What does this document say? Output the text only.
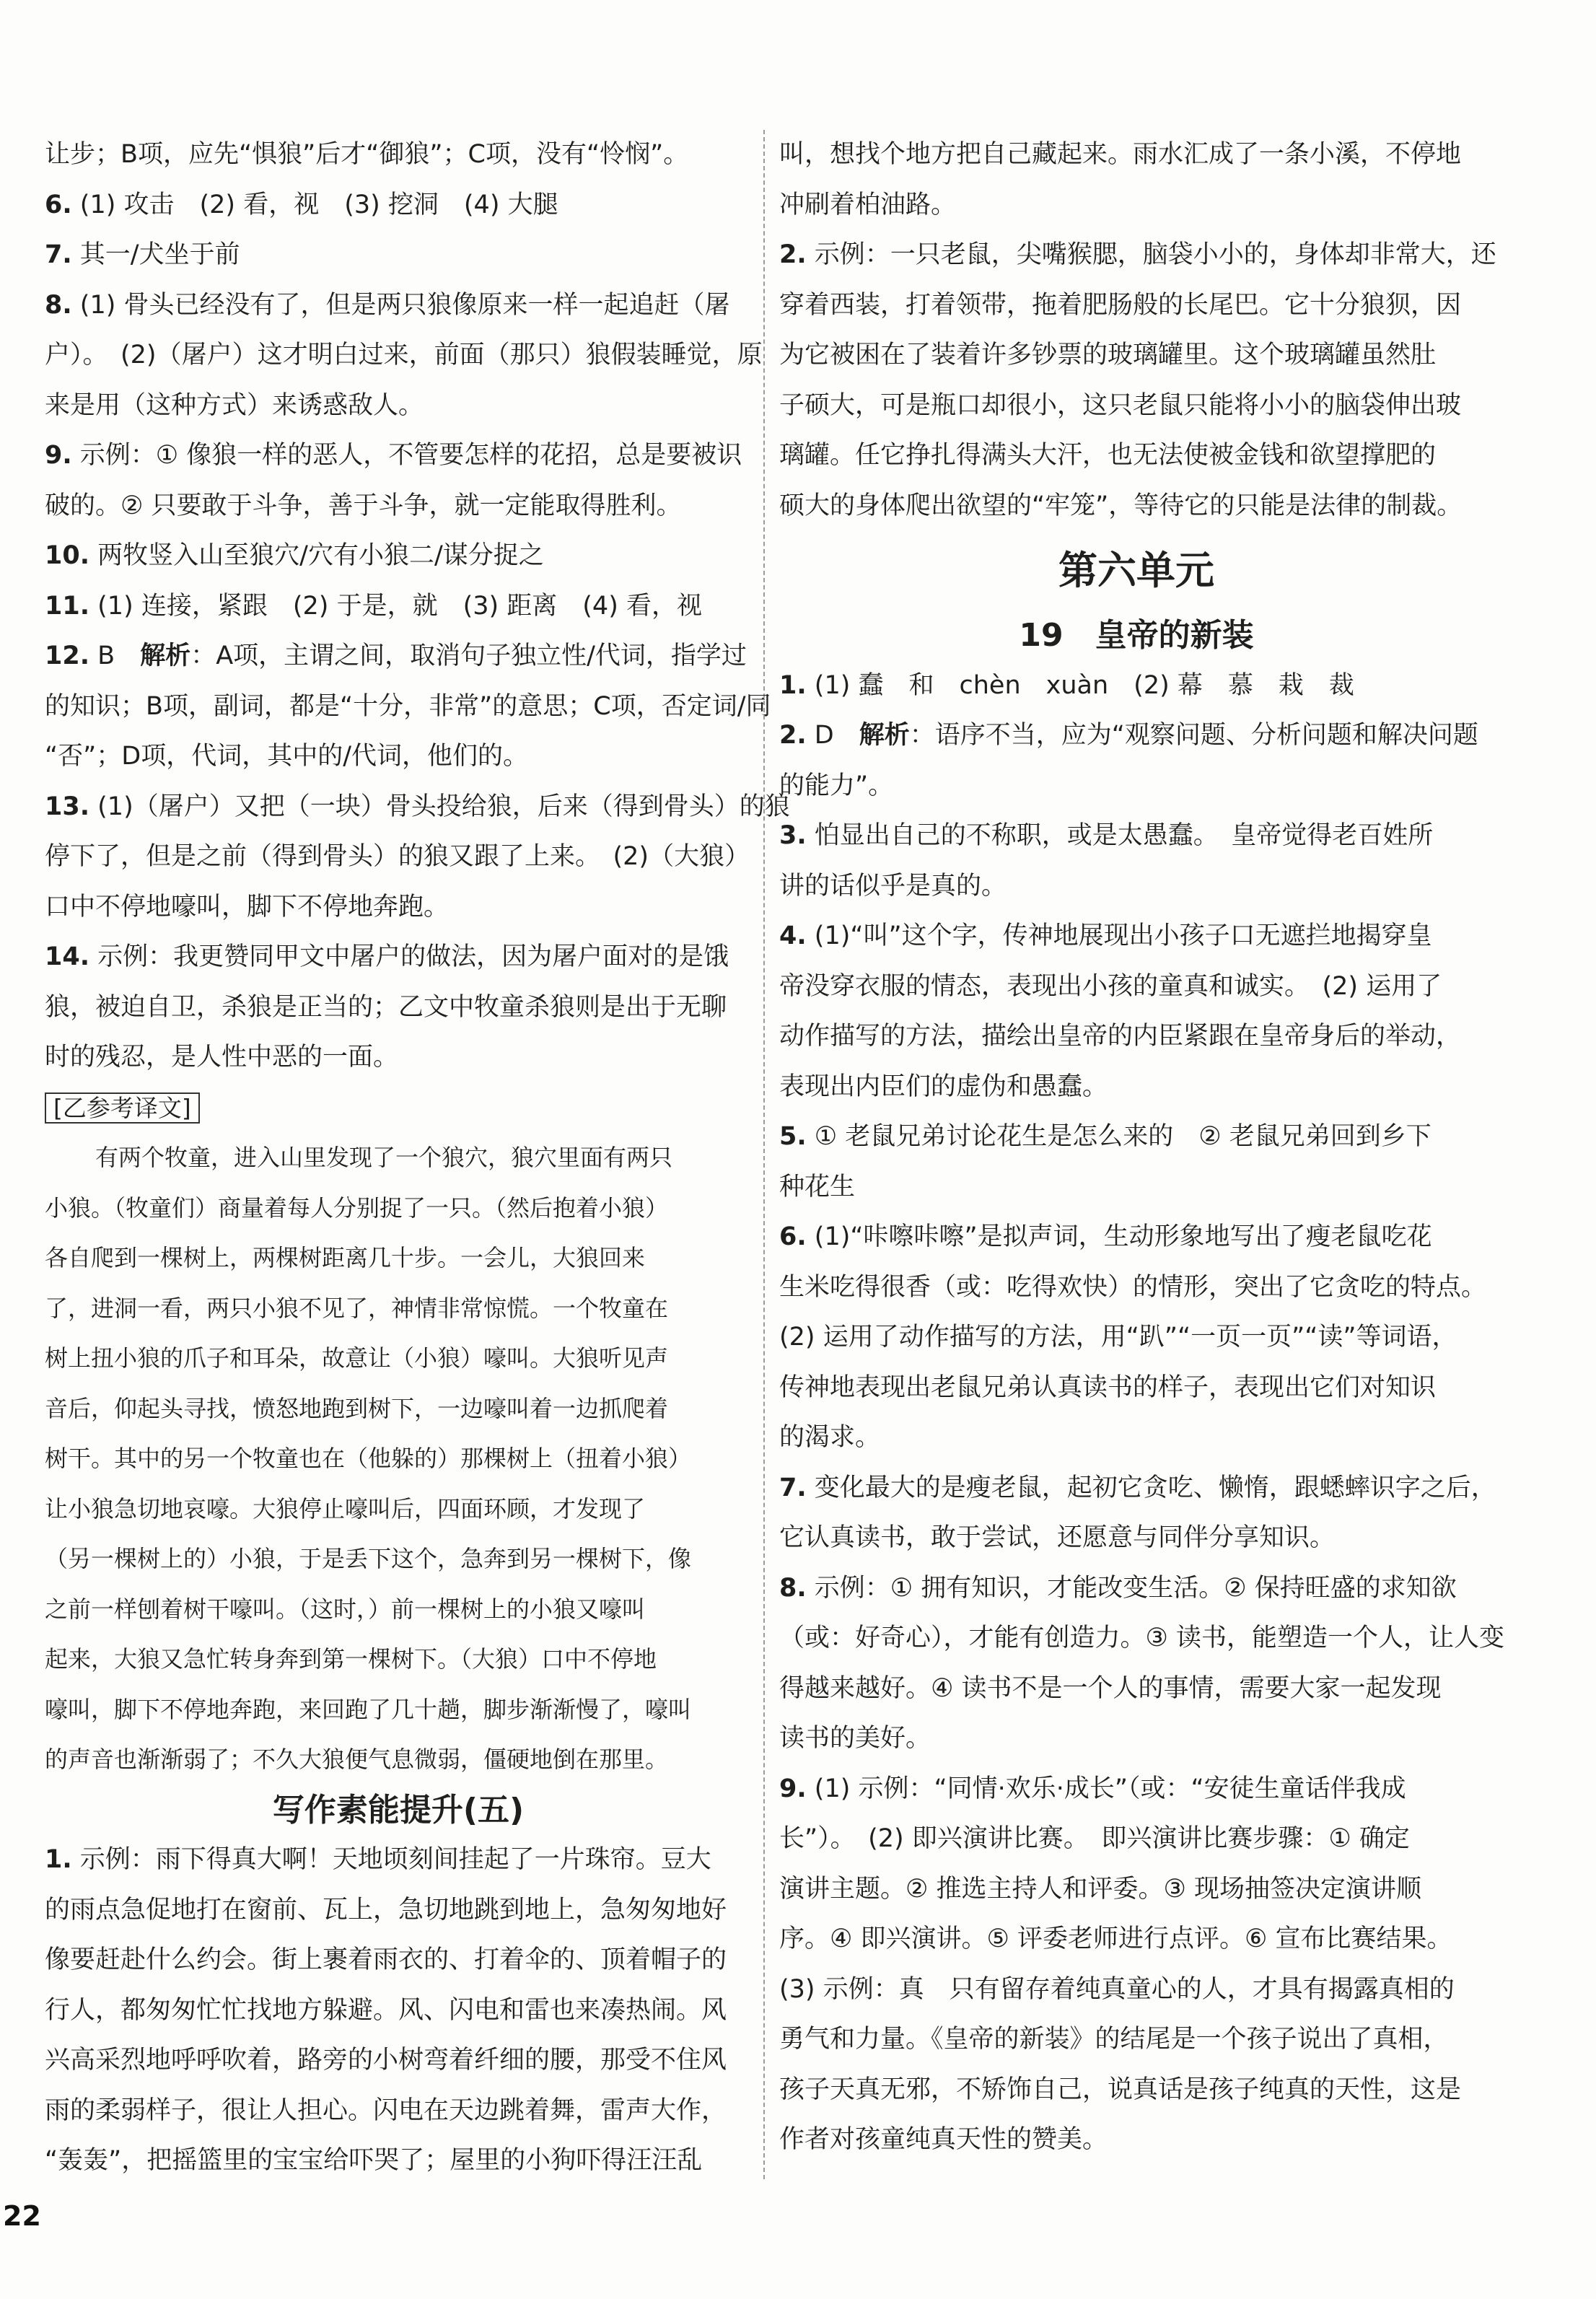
让步；B项，应先“惧狼”后才“御狼”；C项，没有“怜悯”。

6. (1) 攻击　(2) 看，视　(3) 挖洞　(4) 大腿

7. 其一/犬坐于前

8. (1) 骨头已经没有了，但是两只狼像原来一样一起追赶（屠

户）。　(2)（屠户）这才明白过来，前面（那只）狼假装睡觉，原

来是用（这种方式）来诱惑敌人。

9. 示例：① 像狼一样的恶人，不管要怎样的花招，总是要被识

破的。② 只要敢于斗争，善于斗争，就一定能取得胜利。

10. 两牧竖入山至狼穴/穴有小狼二/谋分捉之

11. (1) 连接，紧跟　(2) 于是，就　(3) 距离　(4) 看，视

12. B　解析：A项，主谓之间，取消句子独立性/代词，指学过

的知识；B项，副词，都是“十分，非常”的意思；C项，否定词/同

“否”；D项，代词，其中的/代词，他们的。

13. (1)（屠户）又把（一块）骨头投给狼，后来（得到骨头）的狼

停下了，但是之前（得到骨头）的狼又跟了上来。　(2)（大狼）

口中不停地嚎叫，脚下不停地奔跑。

14. 示例：我更赞同甲文中屠户的做法，因为屠户面对的是饿

狼，被迫自卫，杀狼是正当的；乙文中牧童杀狼则是出于无聊

时的残忍，是人性中恶的一面。

[乙参考译文]

有两个牧童，进入山里发现了一个狼穴，狼穴里面有两只

小狼。（牧童们）商量着每人分别捉了一只。（然后抱着小狼）

各自爬到一棵树上，两棵树距离几十步。一会儿，大狼回来

了，进洞一看，两只小狼不见了，神情非常惊慌。一个牧童在

树上扭小狼的爪子和耳朵，故意让（小狼）嚎叫。大狼听见声

音后，仰起头寻找，愤怒地跑到树下，一边嚎叫着一边抓爬着

树干。其中的另一个牧童也在（他躲的）那棵树上（扭着小狼）

让小狼急切地哀嚎。大狼停止嚎叫后，四面环顾，才发现了

（另一棵树上的）小狼，于是丢下这个，急奔到另一棵树下，像

之前一样刨着树干嚎叫。（这时，）前一棵树上的小狼又嚎叫

起来，大狼又急忙转身奔到第一棵树下。（大狼）口中不停地

嚎叫，脚下不停地奔跑，来回跑了几十趟，脚步渐渐慢了，嚎叫

的声音也渐渐弱了；不久大狼便气息微弱，僵硬地倒在那里。

写作素能提升(五)

1. 示例：雨下得真大啊！天地顷刻间挂起了一片珠帘。豆大

的雨点急促地打在窗前、瓦上，急切地跳到地上，急匆匆地好

像要赶赴什么约会。街上裹着雨衣的、打着伞的、顶着帽子的

行人，都匆匆忙忙找地方躲避。风、闪电和雷也来凑热闹。风

兴高采烈地呼呼吹着，路旁的小树弯着纤细的腰，那受不住风

雨的柔弱样子，很让人担心。闪电在天边跳着舞，雷声大作，

“轰轰”，把摇篮里的宝宝给吓哭了；屋里的小狗吓得汪汪乱

叫，想找个地方把自己藏起来。雨水汇成了一条小溪，不停地

冲刷着柏油路。

2. 示例：一只老鼠，尖嘴猴腮，脑袋小小的，身体却非常大，还

穿着西装，打着领带，拖着肥肠般的长尾巴。它十分狼狈，因

为它被困在了装着许多钞票的玻璃罐里。这个玻璃罐虽然肚

子硕大，可是瓶口却很小，这只老鼠只能将小小的脑袋伸出玻

璃罐。任它挣扎得满头大汗，也无法使被金钱和欲望撑肥的

硕大的身体爬出欲望的“牢笼”，等待它的只能是法律的制裁。

第六单元

19　皇帝的新装

1. (1) 蠢　和　chèn　xuàn　(2) 幕　慕　栽　裁

2. D　解析：语序不当，应为“观察问题、分析问题和解决问题

的能力”。

3. 怕显出自己的不称职，或是太愚蠢。　皇帝觉得老百姓所

讲的话似乎是真的。

4. (1)“叫”这个字，传神地展现出小孩子口无遮拦地揭穿皇

帝没穿衣服的情态，表现出小孩的童真和诚实。　(2) 运用了

动作描写的方法，描绘出皇帝的内臣紧跟在皇帝身后的举动，

表现出内臣们的虚伪和愚蠢。

5. ① 老鼠兄弟讨论花生是怎么来的　② 老鼠兄弟回到乡下

种花生

6. (1)“咔嚓咔嚓”是拟声词，生动形象地写出了瘦老鼠吃花

生米吃得很香（或：吃得欢快）的情形，突出了它贪吃的特点。

(2) 运用了动作描写的方法，用“趴”“一页一页”“读”等词语，

传神地表现出老鼠兄弟认真读书的样子，表现出它们对知识

的渴求。

7. 变化最大的是瘦老鼠，起初它贪吃、懒惰，跟蟋蟀识字之后，

它认真读书，敢于尝试，还愿意与同伴分享知识。

8. 示例：① 拥有知识，才能改变生活。② 保持旺盛的求知欲

（或：好奇心），才能有创造力。③ 读书，能塑造一个人，让人变

得越来越好。④ 读书不是一个人的事情，需要大家一起发现

读书的美好。

9. (1) 示例：“同情·欢乐·成长”（或：“安徒生童话伴我成

长”）。　(2) 即兴演讲比赛。　即兴演讲比赛步骤：① 确定

演讲主题。② 推选主持人和评委。③ 现场抽签决定演讲顺

序。④ 即兴演讲。⑤ 评委老师进行点评。⑥ 宣布比赛结果。

(3) 示例：真　只有留存着纯真童心的人，才具有揭露真相的

勇气和力量。《皇帝的新装》的结尾是一个孩子说出了真相，

孩子天真无邪，不矫饰自己，说真话是孩子纯真的天性，这是

作者对孩童纯真天性的赞美。

22
